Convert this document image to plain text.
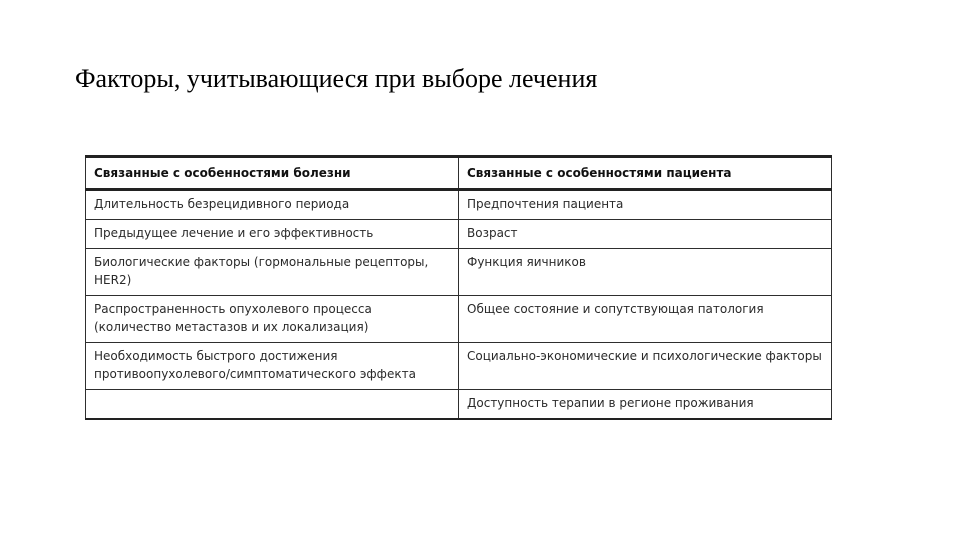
Факторы, учитывающиеся при выборе лечения
Связанные с особенностями болезни	Связанные с особенностями пациента
Длительность безрецидивного периода	Предпочтения пациента
Предыдущее лечение и его эффективность	Возраст
Биологические факторы (гормональные рецепторы, HER2)	Функция яичников
Распространенность опухолевого процесса (количество метастазов и их локализация)	Общее состояние и сопутствующая патология
Необходимость быстрого достижения противоопухолевого/симптоматического эффекта	Социально-экономические и психологические факторы
	Доступность терапии в регионе проживания
